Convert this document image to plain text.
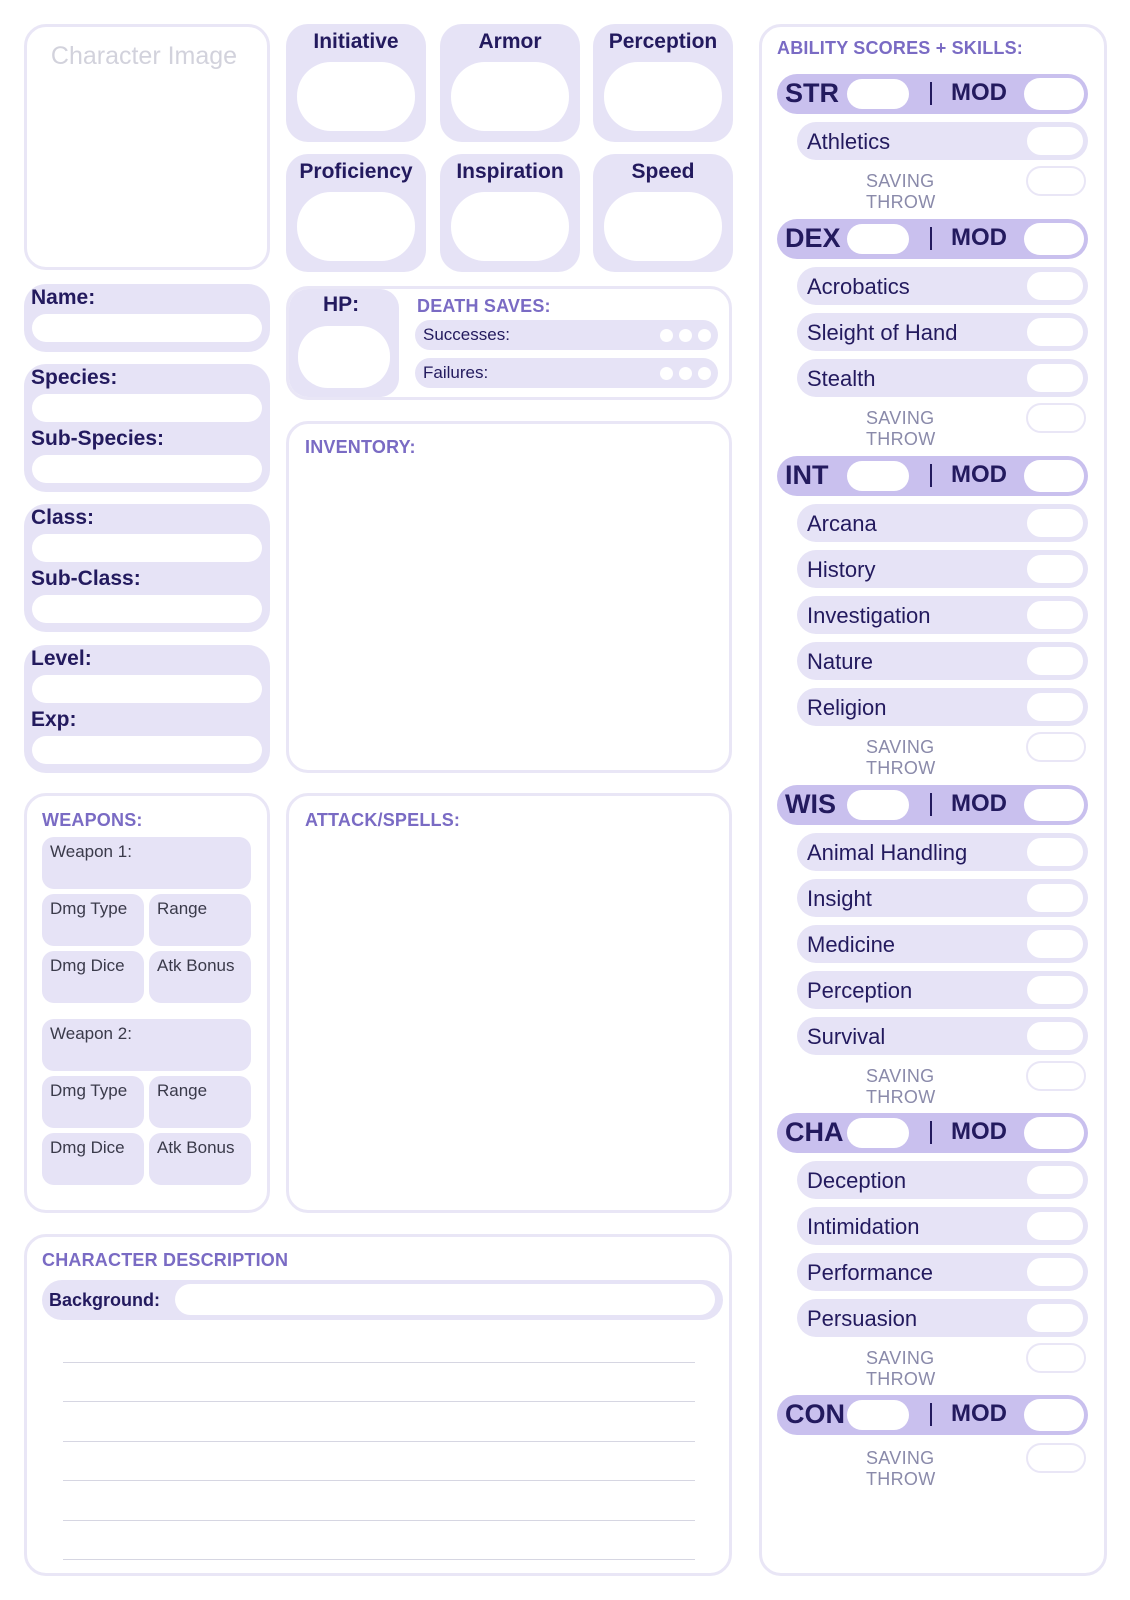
Character Image
Initiative	Armor	Perception
Proficiency	Inspiration	Speed
Name:
Species:
Sub-Species:
Class:
Sub-Class:
Level:
Exp:
HP:	DEATH SAVES:
Successes:
Failures:
INVENTORY:
WEAPONS:
Weapon 1:
Dmg Type Range
Dmg Dice Atk Bonus
Weapon 2:
Dmg Type Range
Dmg Dice Atk Bonus
ATTACK/SPELLS:
CHARACTER DESCRIPTION
Background:
ABILITY SCORES + SKILLS:
STR	MOD
Athletics
SAVING THROW
DEX	MOD
Acrobatics
Sleight of Hand
Stealth
SAVING THROW
INT	MOD
Arcana
History
Investigation
Nature
Religion
SAVING THROW
WIS	MOD
Animal Handling
Insight
Medicine
Perception
Survival
SAVING THROW
CHA	MOD
Deception
Intimidation
Performance
Persuasion
SAVING THROW
CON	MOD
SAVING THROW
